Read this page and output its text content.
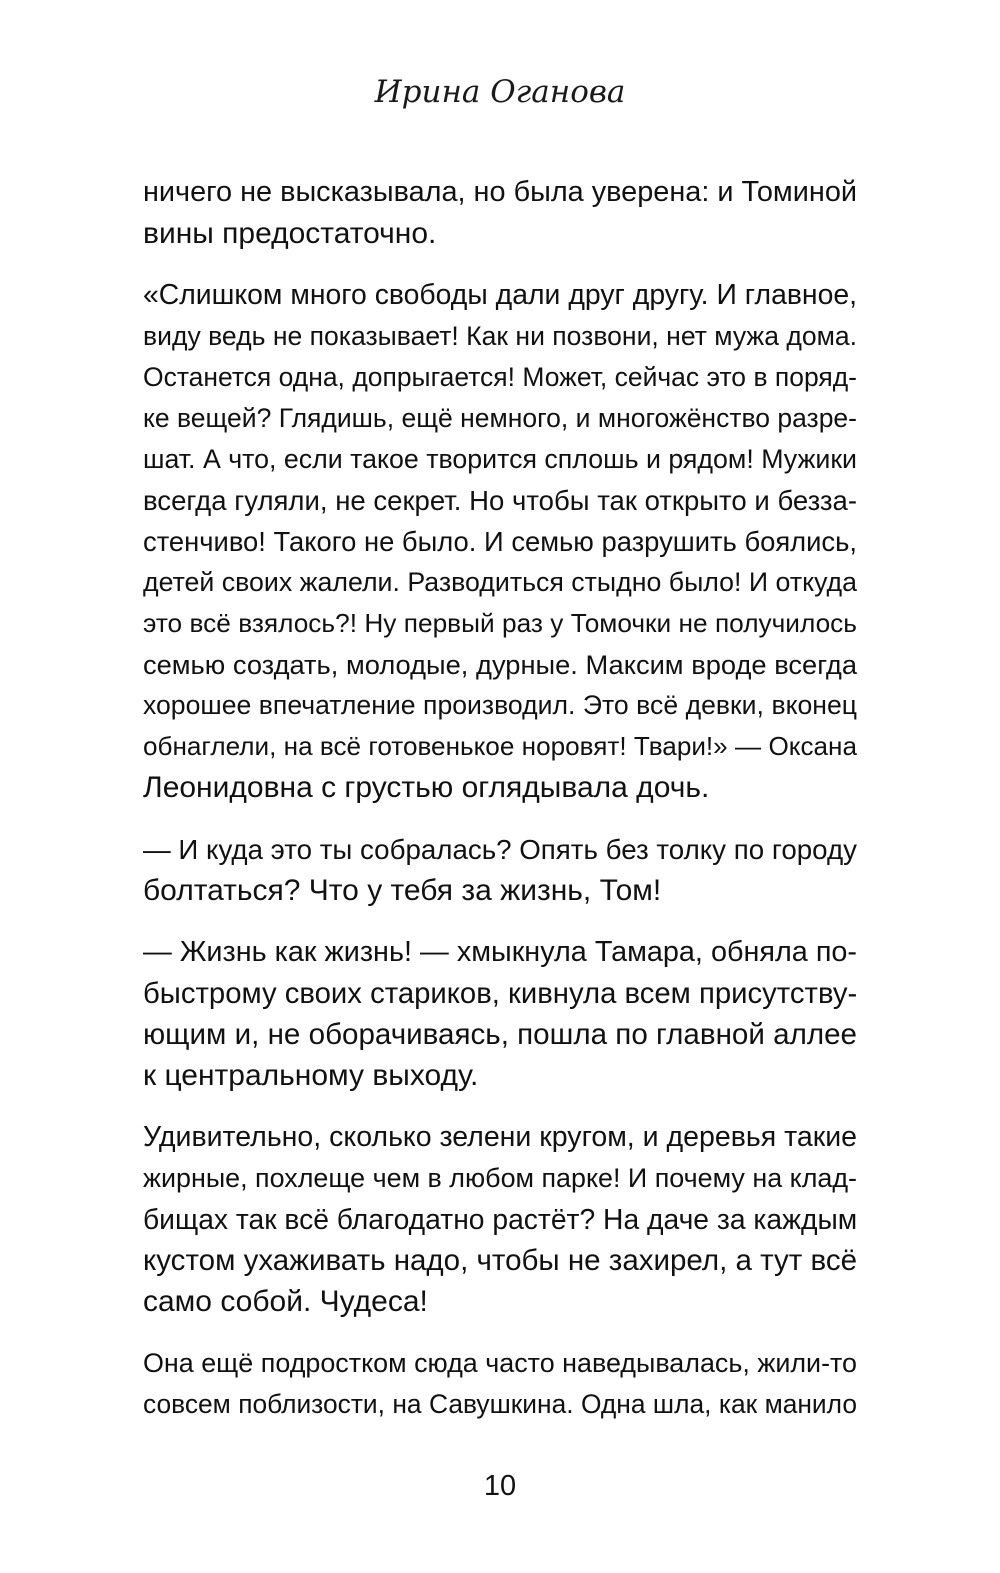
Ирина Оганова
ничего не высказывала, но была уверена: и Томиной
вины предостаточно.
«Слишком много свободы дали друг другу. И главное,
виду ведь не показывает! Как ни позвони, нет мужа дома.
Останется одна, допрыгается! Может, сейчас это в поряд-
ке вещей? Глядишь, ещё немного, и многожёнство разре-
шат. А что, если такое творится сплошь и рядом! Мужики
всегда гуляли, не секрет. Но чтобы так открыто и безза-
стенчиво! Такого не было. И семью разрушить боялись,
детей своих жалели. Разводиться стыдно было! И откуда
это всё взялось?! Ну первый раз у Томочки не получилось
семью создать, молодые, дурные. Максим вроде всегда
хорошее впечатление производил. Это всё девки, вконец
обнаглели, на всё готовенькое норовят! Твари!» — Оксана
Леонидовна с грустью оглядывала дочь.
— И куда это ты собралась? Опять без толку по городу
болтаться? Что у тебя за жизнь, Том!
— Жизнь как жизнь! — хмыкнула Тамара, обняла по-
быстрому своих стариков, кивнула всем присутству-
ющим и, не оборачиваясь, пошла по главной аллее
к центральному выходу.
Удивительно, сколько зелени кругом, и деревья такие
жирные, похлеще чем в любом парке! И почему на клад-
бищах так всё благодатно растёт? На даче за каждым
кустом ухаживать надо, чтобы не захирел, а тут всё
само собой. Чудеса!
Она ещё подростком сюда часто наведывалась, жили-то
совсем поблизости, на Савушкина. Одна шла, как манило
10
